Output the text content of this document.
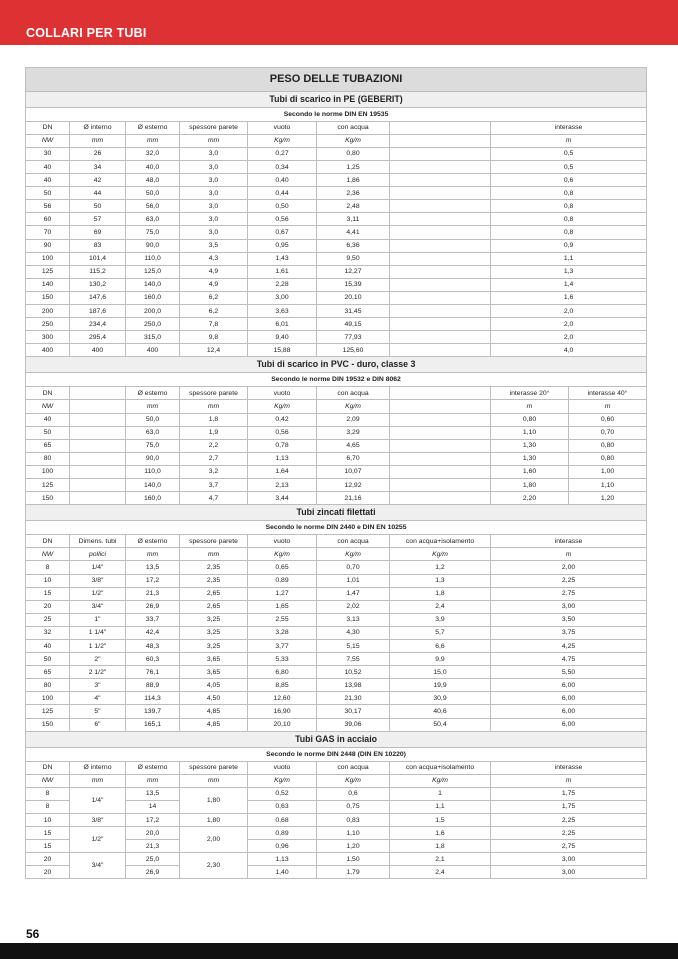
COLLARI PER TUBI
PESO DELLE TUBAZIONI								
Tubi di scarico in PE (GEBERIT)								
Secondo le norme DIN EN 19535								
DN	Ø interno	Ø esterno	spessore parete	vuoto	con acqua		interasse	
NW	mm	mm	mm	Kg/m	Kg/m		m	
30	26	32,0	3,0	0,27	0,80		0,5	
40	34	40,0	3,0	0,34	1,25		0,5	
40	42	48,0	3,0	0,40	1,86		0,6	
50	44	50,0	3,0	0,44	2,36		0,8	
56	50	56,0	3,0	0,50	2,48		0,8	
60	57	63,0	3,0	0,56	3,11		0,8	
70	69	75,0	3,0	0,67	4,41		0,8	
90	83	90,0	3,5	0,95	6,36		0,9	
100	101,4	110,0	4,3	1,43	9,50		1,1	
125	115,2	125,0	4,9	1,61	12,27		1,3	
140	130,2	140,0	4,9	2,28	15,39		1,4	
150	147,6	160,0	6,2	3,00	20,10		1,6	
200	187,6	200,0	6,2	3,63	31,45		2,0	
250	234,4	250,0	7,8	6,01	49,15		2,0	
300	295,4	315,0	9,8	9,40	77,93		2,0	
400	400	400	12,4	15,88	125,60		4,0	
Tubi di scarico in PVC - duro, classe 3								
Secondo le norme DIN 19532 e DIN 8062								
DN		Ø esterno	spessore parete	vuoto	con acqua		interasse 20°	interasse 40°
NW		mm	mm	Kg/m	Kg/m		m	m
40		50,0	1,8	0,42	2,09		0,80	0,60
50		63,0	1,9	0,56	3,29		1,10	0,70
65		75,0	2,2	0,78	4,65		1,30	0,80
80		90,0	2,7	1,13	6,70		1,30	0,80
100		110,0	3,2	1,64	10,07		1,60	1,00
125		140,0	3,7	2,13	12,92		1,80	1,10
150		160,0	4,7	3,44	21,16		2,20	1,20
Tubi zincati filettati								
Secondo le norme DIN 2440 e DIN EN 10255								
DN	Dimens. tubi	Ø esterno	spessore parete	vuoto	con acqua	con acqua+isolamento	interasse	
NW	pollici	mm	mm	Kg/m	Kg/m	Kg/m	m	
8	1/4"	13,5	2,35	0,65	0,70	1,2	2,00	
10	3/8"	17,2	2,35	0,89	1,01	1,3	2,25	
15	1/2"	21,3	2,65	1,27	1,47	1,8	2,75	
20	3/4"	26,9	2,65	1,65	2,02	2,4	3,00	
25	1"	33,7	3,25	2,55	3,13	3,9	3,50	
32	1 1/4"	42,4	3,25	3,28	4,30	5,7	3,75	
40	1 1/2"	48,3	3,25	3,77	5,15	6,6	4,25	
50	2"	60,3	3,65	5,33	7,55	9,9	4,75	
65	2 1/2"	76,1	3,65	6,80	10,52	15,0	5,50	
80	3"	88,9	4,05	8,85	13,98	19,9	6,00	
100	4"	114,3	4,50	12,60	21,30	30,9	6,00	
125	5"	139,7	4,85	16,90	30,17	40,6	6,00	
150	6"	165,1	4,85	20,10	39,06	50,4	6,00	
Tubi GAS in acciaio								
Secondo le norme DIN 2448 (DIN EN 10220)								
DN	Ø interno	Ø esterno	spessore parete	vuoto	con acqua	con acqua+isolamento	interasse	
NW	mm	mm	mm	Kg/m	Kg/m	Kg/m	m	
8	1/4"	13,5	1,80	0,52	0,6	1	1,75	
8		14		0,63	0,75	1,1	1,75	
10	3/8"	17,2	1,80	0,68	0,83	1,5	2,25	
15	1/2"	20,0	2,00	0,89	1,10	1,6	2,25	
15		21,3		0,96	1,20	1,8	2,75	
20	3/4"	25,0	2,30	1,13	1,50	2,1	3,00	
20		26,9		1,40	1,79	2,4	3,00	
56
